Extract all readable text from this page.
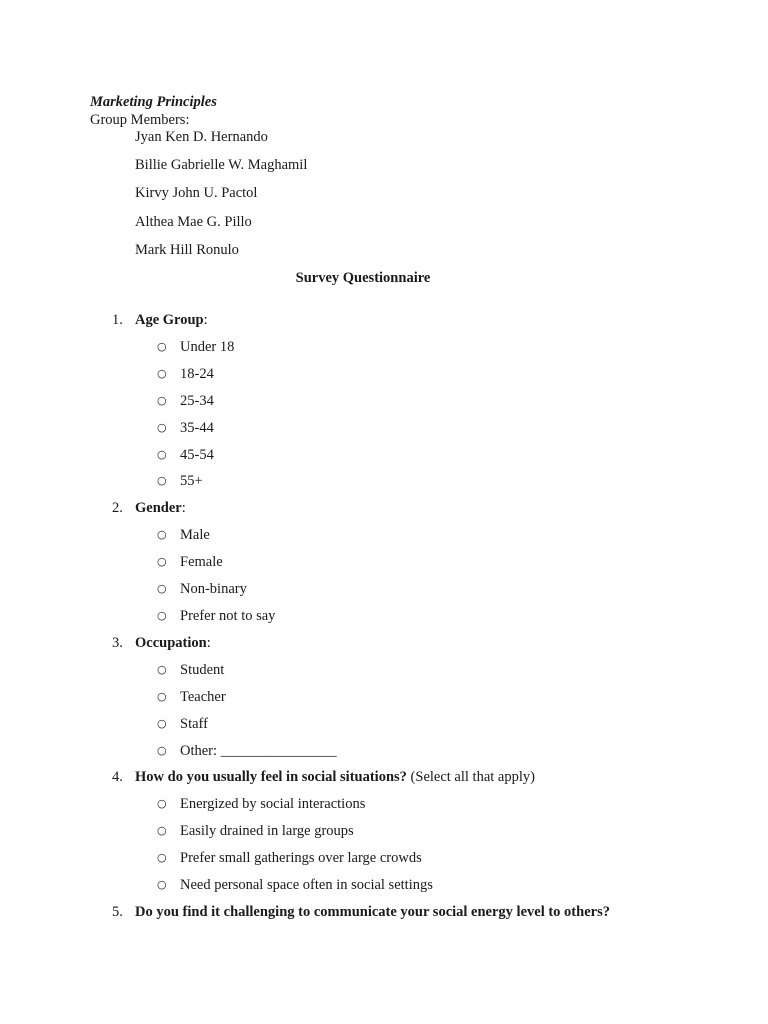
Marketing Principles
Group Members:
Jyan Ken D. Hernando
Billie Gabrielle W. Maghamil
Kirvy John U. Pactol
Althea Mae G. Pillo
Mark Hill Ronulo
Survey Questionnaire
1. Age Group:
○ Under 18
○ 18-24
○ 25-34
○ 35-44
○ 45-54
○ 55+
2. Gender:
○ Male
○ Female
○ Non-binary
○ Prefer not to say
3. Occupation:
○ Student
○ Teacher
○ Staff
○ Other: ________________
4. How do you usually feel in social situations? (Select all that apply)
○ Energized by social interactions
○ Easily drained in large groups
○ Prefer small gatherings over large crowds
○ Need personal space often in social settings
5. Do you find it challenging to communicate your social energy level to others?
